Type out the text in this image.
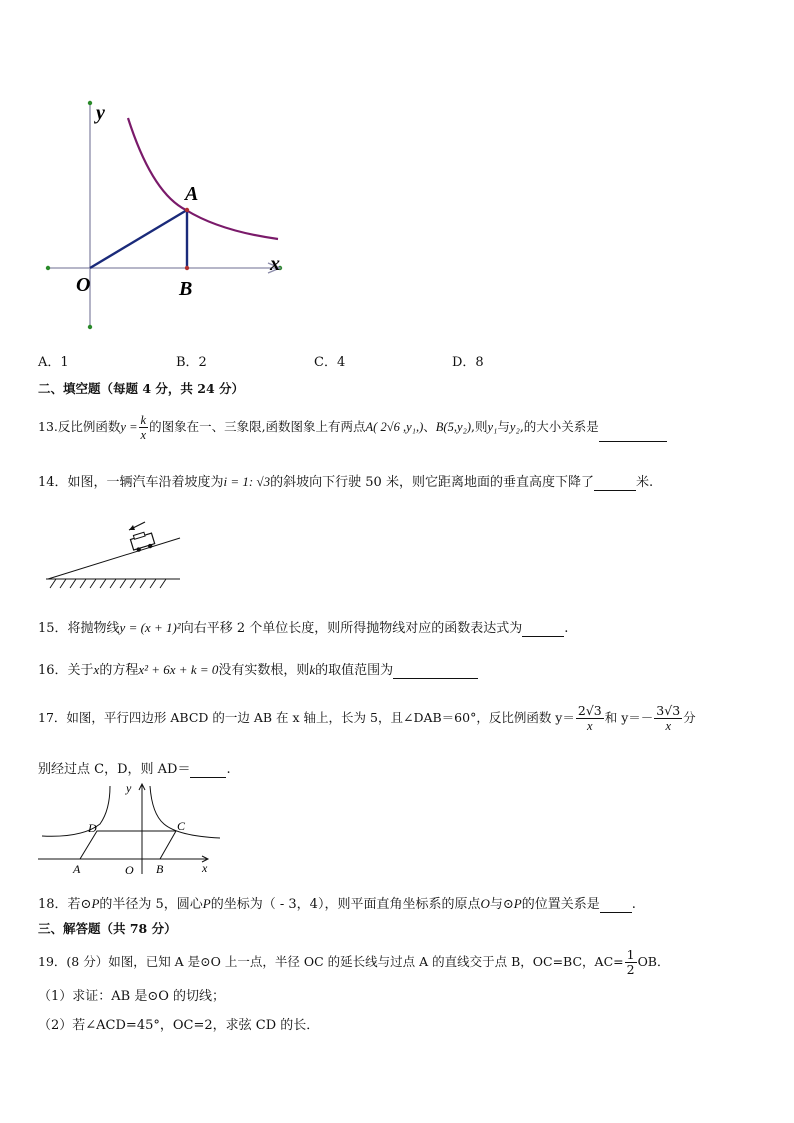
y
x
O
A
B
A．1	B．2	C．4	D．8
二、填空题（每题 4 分，共 24 分）
13.反比例函数$y = \frac{k}{x}$ 的图象在一、三象限,函数图象上有两点A( 2√6 ,y₁,)、B(5,y₂),则y₁与y₂,的大小关系是
14．如图，一辆汽车沿着坡度为i = 1: √3的斜坡向下行驶 50 米，则它距离地面的垂直高度下降了	米.
15．将抛物线y = (x + 1)²向右平移 2 个单位长度，则所得抛物线对应的函数表达式为	.
16．关于x的方程x² + 6x + k = 0没有实数根，则k的取值范围为
17．如图，平行四边形 ABCD 的一边 AB 在 x 轴上，长为 5，且∠DAB＝60°，反比例函数 $y= \frac{2√3}{x}$ 和 $y=- \frac{3√3}{x}$ 分
别经过点 C，D，则 AD＝	.
y
x
D	C
A	O B
18．若⊙P的半径为 5，圆心P的坐标为（ - 3，4），则平面直角坐标系的原点O与⊙P的位置关系是 .
三、解答题（共 78 分）
19．(8 分）如图，已知 A 是⊙O 上一点，半径 OC 的延长线与过点 A 的直线交于点 B，OC=BC，$AC= \frac{1}{2}$ OB．
（1）求证：AB 是⊙O 的切线；
（2）若∠ACD=45°，OC=2，求弦 CD 的长．
